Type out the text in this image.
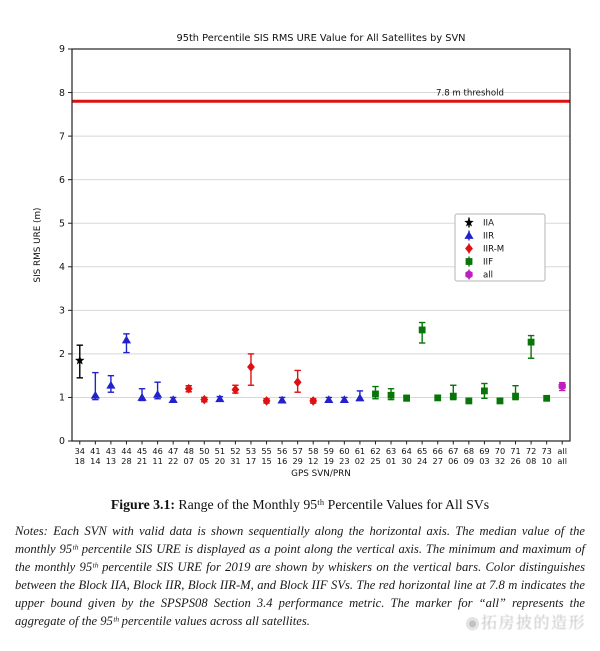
7.8 m threshold
0
1
2
3
4
5
6
7
8
9
34
18
41
14
43
13
44
28
45
21
46
11
47
22
48
07
50
05
51
20
52
31
53
17
55
15
56
16
57
29
58
12
59
19
60
23
61
02
62
25
63
01
64
30
65
24
66
27
67
06
68
09
69
03
70
32
71
26
72
08
73
10
all
all
GPS SVN/PRN
SIS RMS URE (m)
95th Percentile SIS RMS URE Value for All Satellites by SVN
IIA
IIR
IIR-M
IIF
all
Figure 3.1: Range of the Monthly 95ᵗʰ Percentile Values for All SVs
Notes: Each SVN with valid data is shown sequentially along the horizontal axis. The median value of the monthly 95ᵗʰ percentile SIS URE is displayed as a point along the vertical axis. The minimum and maximum of the monthly 95ᵗʰ percentile SIS URE for 2019 are shown by whiskers on the vertical bars. Color distinguishes between the Block IIA, Block IIR, Block IIR-M, and Block IIF SVs. The red horizontal line at 7.8 m indicates the upper bound given by the SPSPS08 Section 3.4 performance metric. The marker for “all” represents the aggregate of the 95ᵗʰ percentile values across all satellites.	◉拓房披的造形
